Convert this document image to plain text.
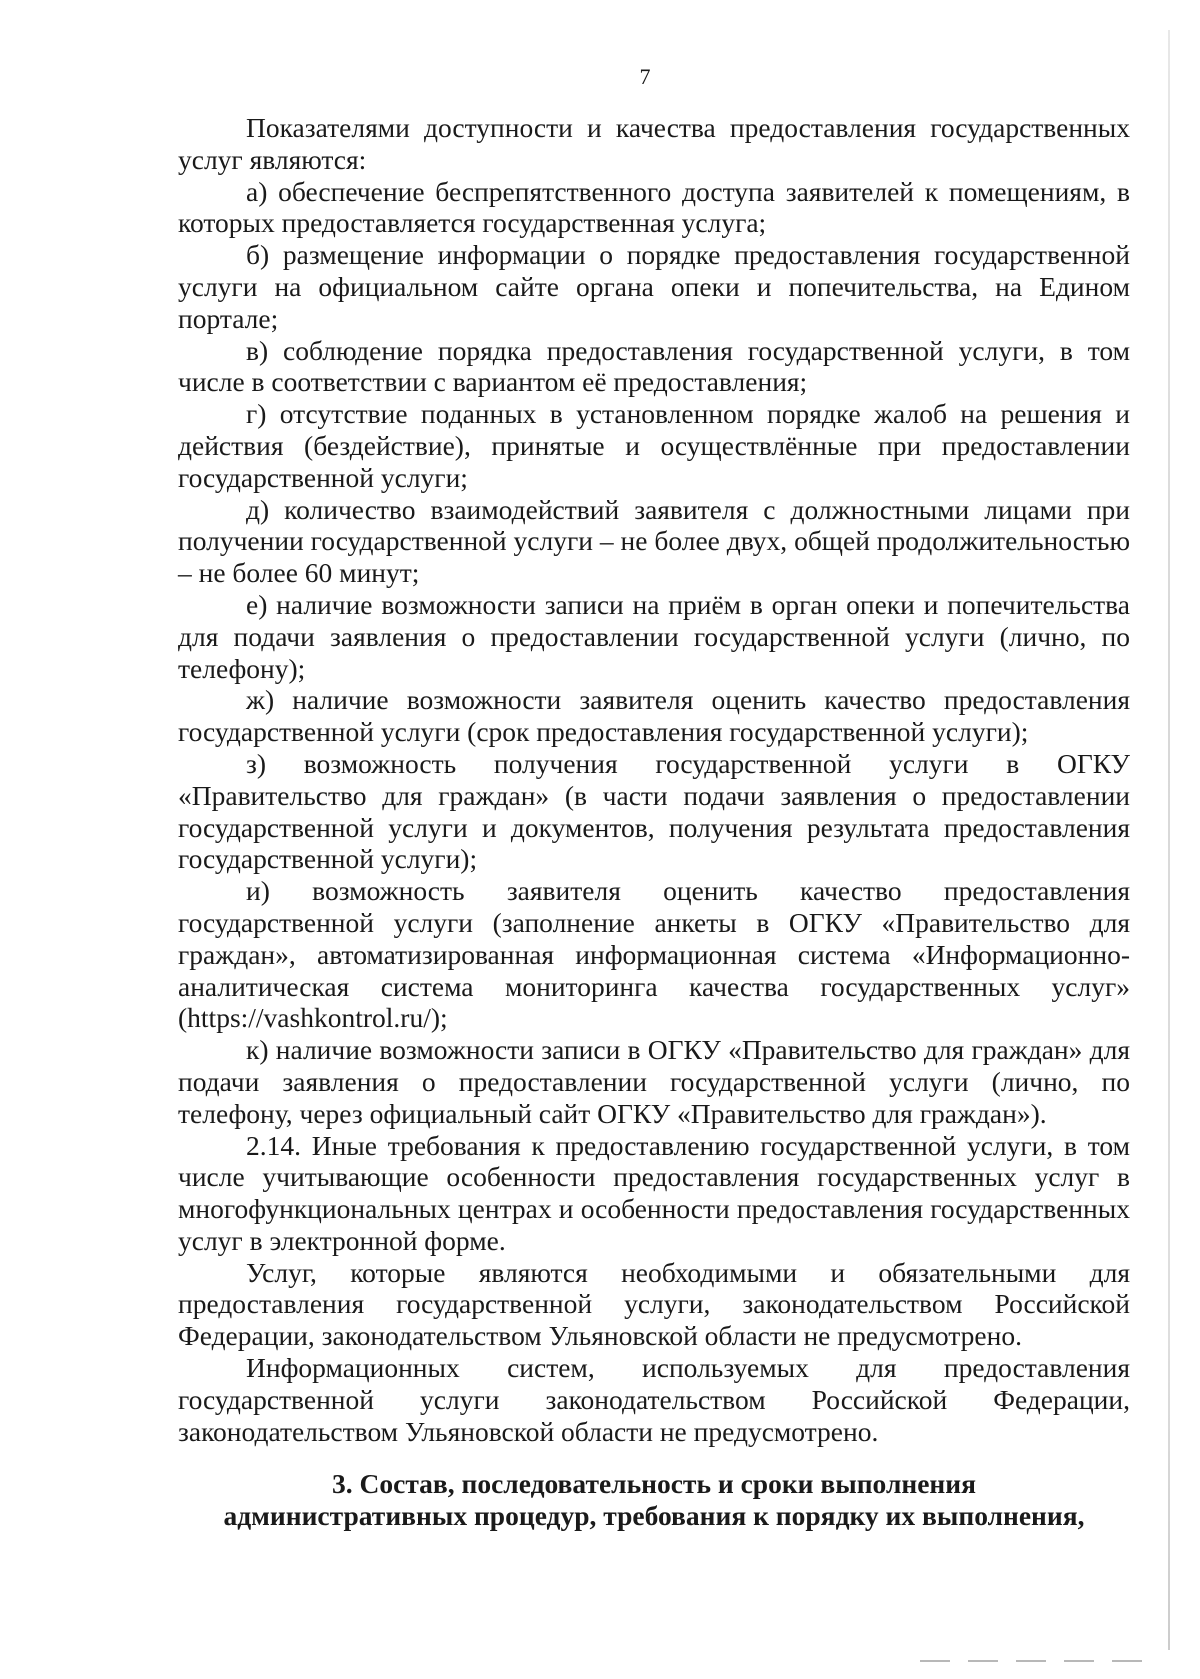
7

Показателями доступности и качества предоставления государственных услуг являются:

а) обеспечение беспрепятственного доступа заявителей к помещениям, в которых предоставляется государственная услуга;

б) размещение информации о порядке предоставления государственной услуги на официальном сайте органа опеки и попечительства, на Едином портале;

в) соблюдение порядка предоставления государственной услуги, в том числе в соответствии с вариантом её предоставления;

г) отсутствие поданных в установленном порядке жалоб на решения и действия (бездействие), принятые и осуществлённые при предоставлении государственной услуги;

д) количество взаимодействий заявителя с должностными лицами при получении государственной услуги – не более двух, общей продолжительностью – не более 60 минут;

е) наличие возможности записи на приём в орган опеки и попечительства для подачи заявления о предоставлении государственной услуги (лично, по телефону);

ж) наличие возможности заявителя оценить качество предоставления государственной услуги (срок предоставления государственной услуги);

з) возможность получения государственной услуги в ОГКУ «Правительство для граждан» (в части подачи заявления о предоставлении государственной услуги и документов, получения результата предоставления государственной услуги);

и) возможность заявителя оценить качество предоставления государственной услуги (заполнение анкеты в ОГКУ «Правительство для граждан», автоматизированная информационная система «Информационно-аналитическая система мониторинга качества государственных услуг» (https://vashkontrol.ru/);

к) наличие возможности записи в ОГКУ «Правительство для граждан» для подачи заявления о предоставлении государственной услуги (лично, по телефону, через официальный сайт ОГКУ «Правительство для граждан»).

2.14. Иные требования к предоставлению государственной услуги, в том числе учитывающие особенности предоставления государственных услуг в многофункциональных центрах и особенности предоставления государственных услуг в электронной форме.

Услуг, которые являются необходимыми и обязательными для предоставления государственной услуги, законодательством Российской Федерации, законодательством Ульяновской области не предусмотрено.

Информационных систем, используемых для предоставления государственной услуги законодательством Российской Федерации, законодательством Ульяновской области не предусмотрено.

3. Состав, последовательность и сроки выполнения
административных процедур, требования к порядку их выполнения,
